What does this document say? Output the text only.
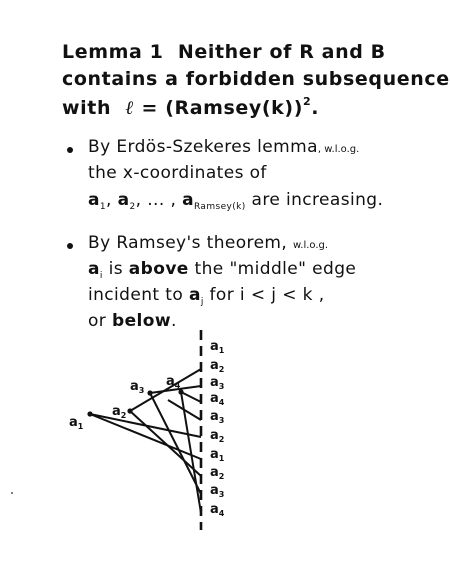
Lemma 1 Neither of R and B
contains a forbidden subsequence
with ℓ = (Ramsey(k))$^2$.
By Erdös-Szekeres lemma, w.l.o.g.
the x-coordinates of
$a_1$, $a_2$, ... , $a_{Ramsey(k)}$ are increasing.
By Ramsey's theorem, w.l.o.g.
$a_i$ is above the "middle" edge
incident to $a_j$ for i < j < k ,
or below.
$a_1$
$a_2$
$a_3$
$a_4$
$a_3$
$a_2$
$a_1$
$a_2$
$a_3$
$a_4$
$a_1$
$a_2$
$a_3$
$a_4$
